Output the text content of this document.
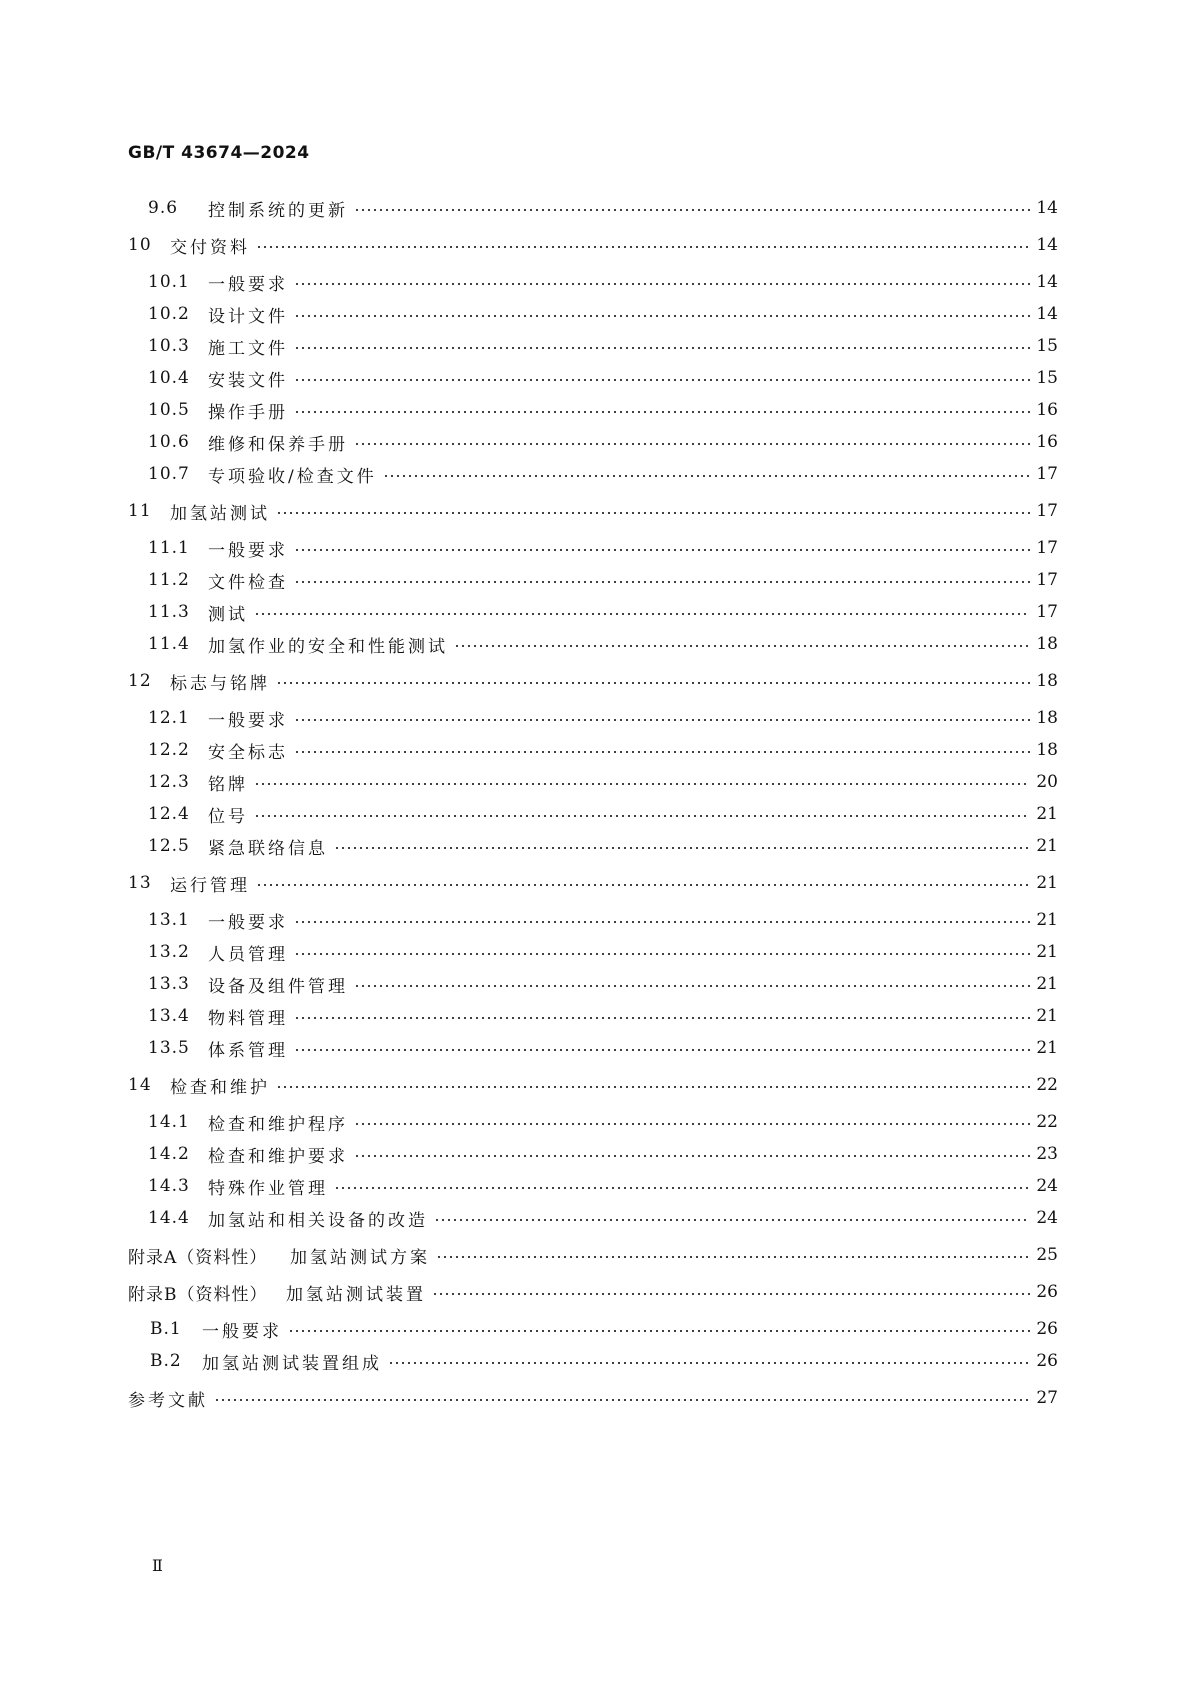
GB/T 43674—2024
9.6	控制系统的更新	14
10	交付资料	14
10.1	一般要求	14
10.2	设计文件	14
10.3	施工文件	15
10.4	安装文件	15
10.5	操作手册	16
10.6	维修和保养手册	16
10.7	专项验收/检查文件	17
11	加氢站测试	17
11.1	一般要求	17
11.2	文件检查	17
11.3	测试	17
11.4	加氢作业的安全和性能测试	18
12	标志与铭牌	18
12.1	一般要求	18
12.2	安全标志	18
12.3	铭牌	20
12.4	位号	21
12.5	紧急联络信息	21
13	运行管理	21
13.1	一般要求	21
13.2	人员管理	21
13.3	设备及组件管理	21
13.4	物料管理	21
13.5	体系管理	21
14	检查和维护	22
14.1	检查和维护程序	22
14.2	检查和维护要求	23
14.3	特殊作业管理	24
14.4	加氢站和相关设备的改造	24
附录A（资料性）	加氢站测试方案	25
附录B（资料性）	加氢站测试装置	26
B.1	一般要求	26
B.2	加氢站测试装置组成	26
参考文献	27
Ⅱ
